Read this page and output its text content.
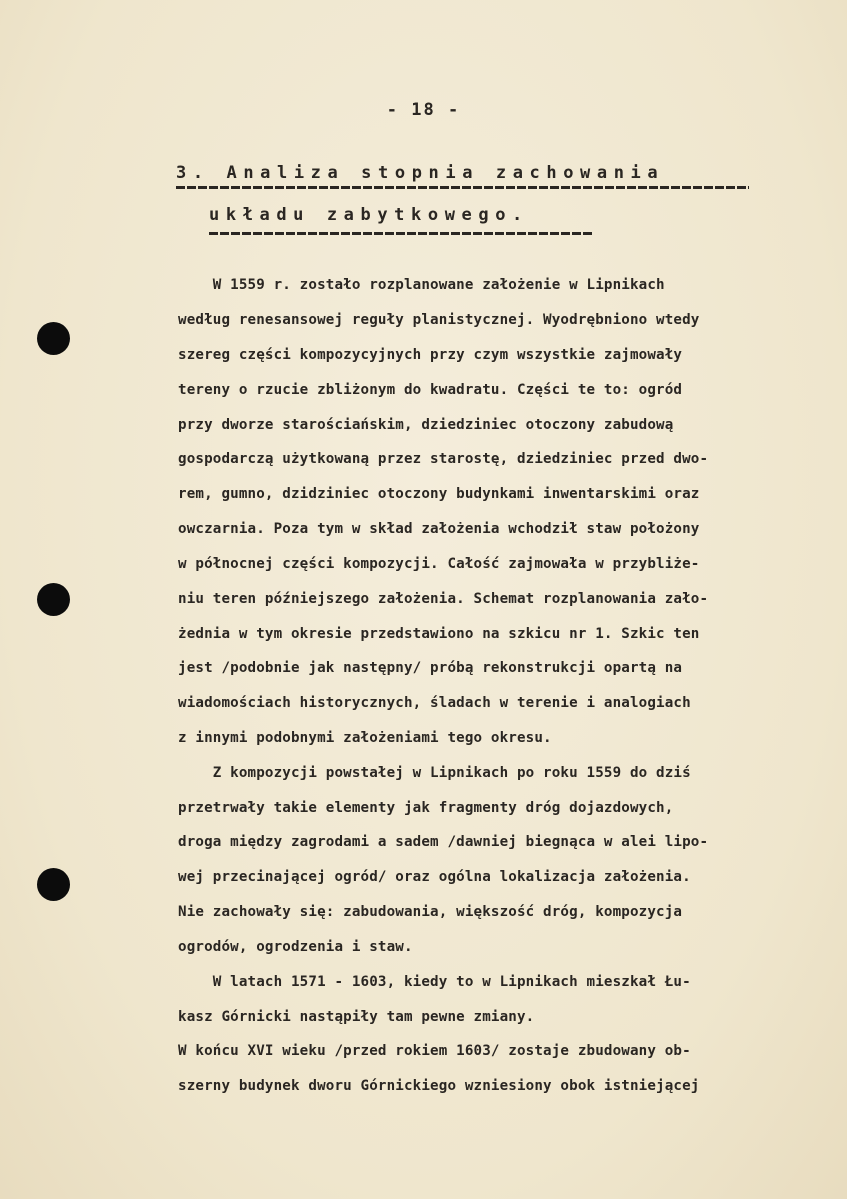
- 18 -
3. Analiza stopnia zachowania
układu zabytkowego.
W 1559 r. zostało rozplanowane założenie w Lipnikach
według renesansowej reguły planistycznej. Wyodrębniono wtedy
szereg części kompozycyjnych przy czym wszystkie zajmowały
tereny o rzucie zbliżonym do kwadratu. Części te to: ogród
przy dworze starościańskim, dziedziniec otoczony zabudową
gospodarczą użytkowaną przez starostę, dziedziniec przed dwo-
rem, gumno, dzidziniec otoczony budynkami inwentarskimi oraz
owczarnia. Poza tym w skład założenia wchodził staw położony
w północnej części kompozycji. Całość zajmowała w przybliże-
niu teren późniejszego założenia. Schemat rozplanowania zało-
żednia w tym okresie przedstawiono na szkicu nr 1. Szkic ten
jest /podobnie jak następny/ próbą rekonstrukcji opartą na
wiadomościach historycznych, śladach w terenie i analogiach
z innymi podobnymi założeniami tego okresu.
Z kompozycji powstałej w Lipnikach po roku 1559 do dziś
przetrwały takie elementy jak fragmenty dróg dojazdowych,
droga między zagrodami a sadem /dawniej biegnąca w alei lipo-
wej przecinającej ogród/ oraz ogólna lokalizacja założenia.
Nie zachowały się: zabudowania, większość dróg, kompozycja
ogrodów, ogrodzenia i staw.
W latach 1571 - 1603, kiedy to w Lipnikach mieszkał Łu-
kasz Górnicki nastąpiły tam pewne zmiany.
W końcu XVI wieku /przed rokiem 1603/ zostaje zbudowany ob-
szerny budynek dworu Górnickiego wzniesiony obok istniejącej
